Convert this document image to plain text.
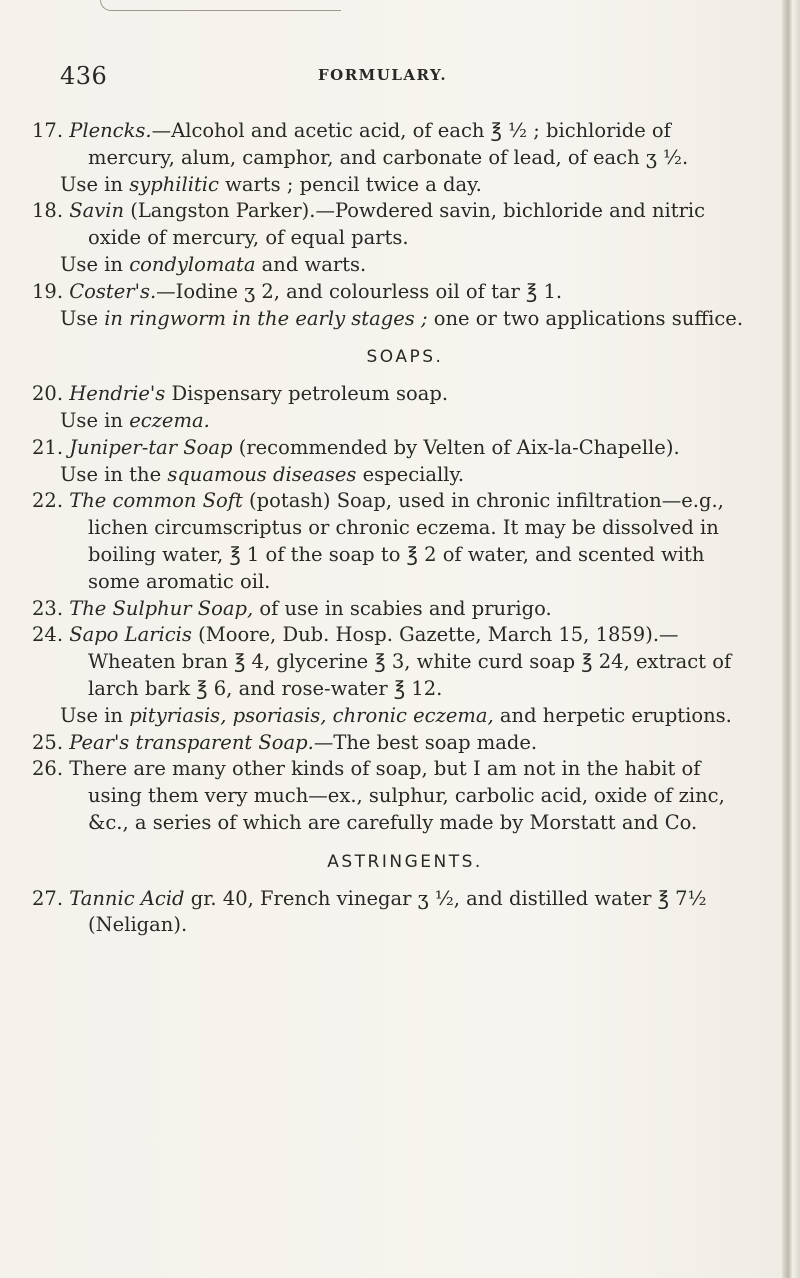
436	FORMULARY.

17. Plencks.—Alcohol and acetic acid, of each ℥ ½ ; bichloride of mercury, alum, camphor, and carbonate of lead, of each ʒ ½.

Use in syphilitic warts ; pencil twice a day.

18. Savin (Langston Parker).—Powdered savin, bichloride and nitric oxide of mercury, of equal parts.

Use in condylomata and warts.

19. Coster's.—Iodine ʒ 2, and colourless oil of tar ℥ 1.

Use in ringworm in the early stages ; one or two applications suffice.

SOAPS.

20. Hendrie's Dispensary petroleum soap.

Use in eczema.

21. Juniper-tar Soap (recommended by Velten of Aix-la-Chapelle).

Use in the squamous diseases especially.

22. The common Soft (potash) Soap, used in chronic infiltration—e.g., lichen circumscriptus or chronic eczema. It may be dissolved in boiling water, ℥ 1 of the soap to ℥ 2 of water, and scented with some aromatic oil.

23. The Sulphur Soap, of use in scabies and prurigo.

24. Sapo Laricis (Moore, Dub. Hosp. Gazette, March 15, 1859).—Wheaten bran ℥ 4, glycerine ℥ 3, white curd soap ℥ 24, extract of larch bark ℥ 6, and rose-water ℥ 12.

Use in pityriasis, psoriasis, chronic eczema, and herpetic eruptions.

25. Pear's transparent Soap.—The best soap made.

26. There are many other kinds of soap, but I am not in the habit of using them very much—ex., sulphur, carbolic acid, oxide of zinc, &c., a series of which are carefully made by Morstatt and Co.

ASTRINGENTS.

27. Tannic Acid gr. 40, French vinegar ʒ ½, and distilled water ℥ 7½ (Neligan).
